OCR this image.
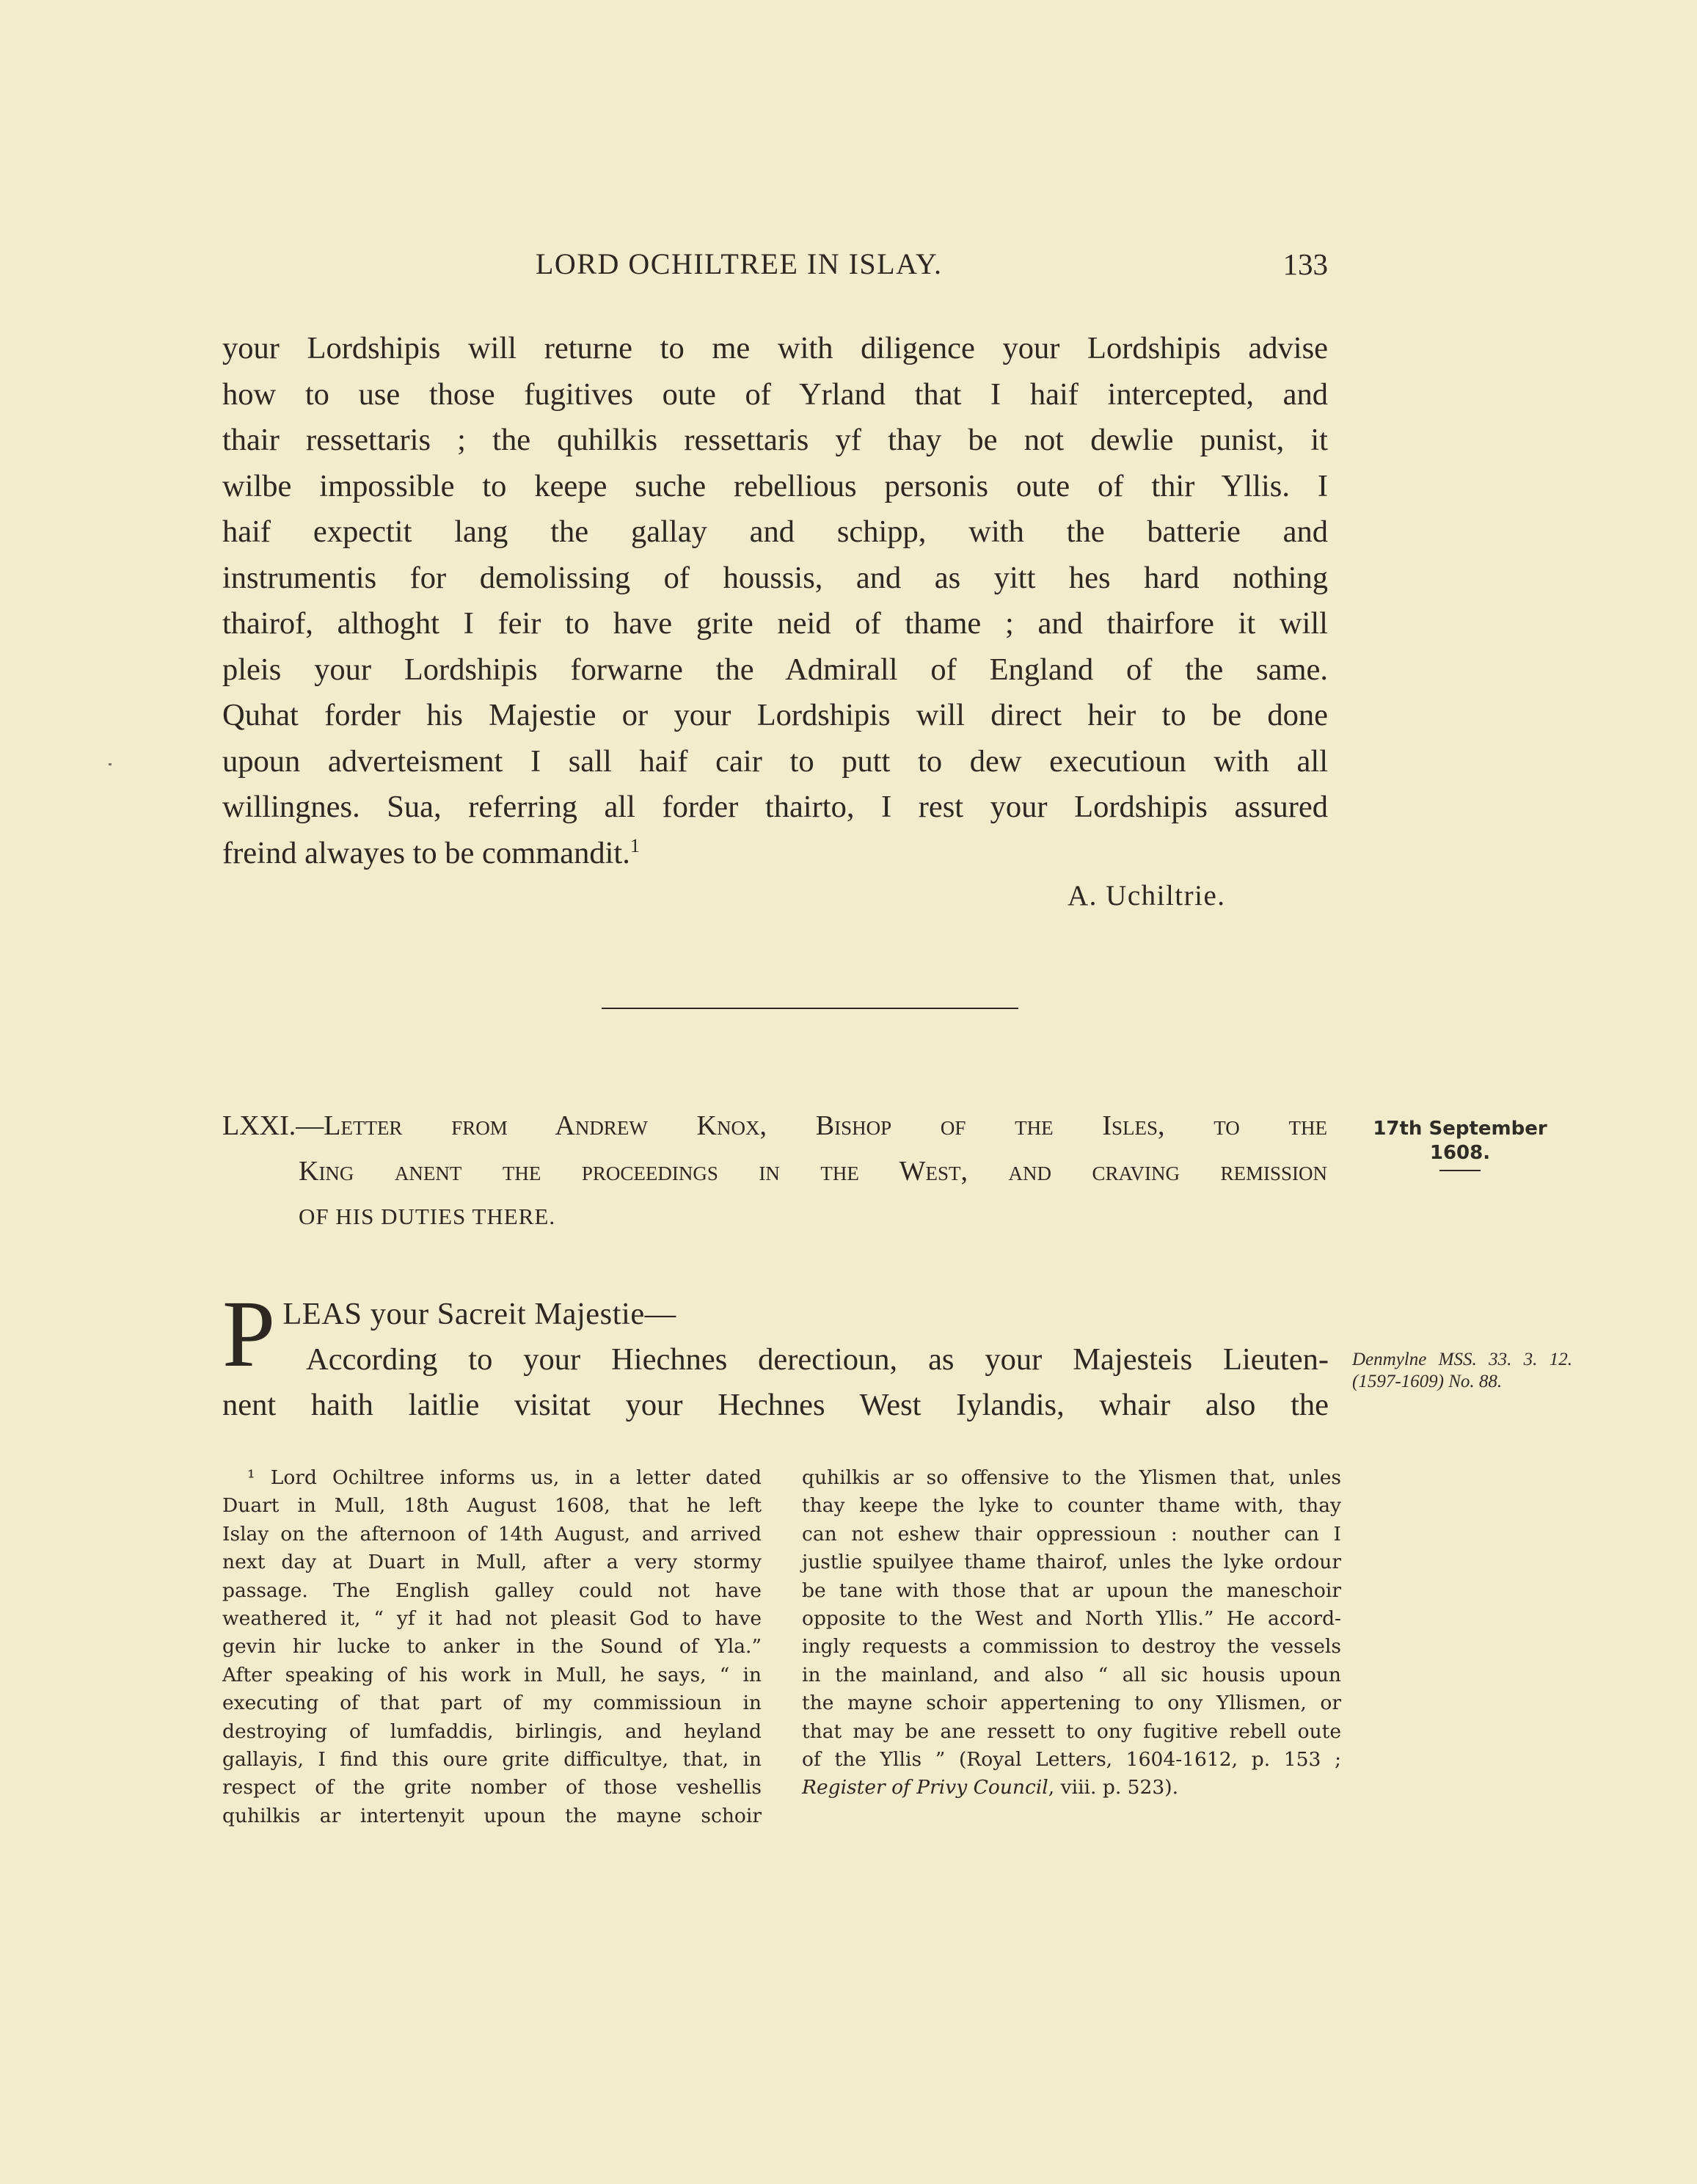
LORD OCHILTREE IN ISLAY.	133

your Lordshipis will returne to me with diligence your Lordshipis advise

how to use those fugitives oute of Yrland that I haif intercepted, and

thair ressettaris ; the quhilkis ressettaris yf thay be not dewlie punist, it

wilbe impossible to keepe suche rebellious personis oute of thir Yllis. I

haif expectit lang the gallay and schipp, with the batterie and

instrumentis for demolissing of houssis, and as yitt hes hard nothing

thairof, althoght I feir to have grite neid of thame ; and thairfore it will

pleis your Lordshipis forwarne the Admirall of England of the same.

Quhat forder his Majestie or your Lordshipis will direct heir to be done

upoun adverteisment I sall haif cair to putt to dew executioun with all

willingnes. Sua, referring all forder thairto, I rest your Lordshipis assured

freind alwayes to be commandit.$^1$

A. Uchiltrie.

LXXI.—Letter from Andrew Knox, Bishop of the Isles, to the

King anent the proceedings in the West, and craving remission

OF HIS DUTIES THERE.

17th September
1608.
P LEAS your Sacreit Majestie—

According to your Hiechnes derectioun, as your Majesteis Lieuten-

nent haith laitlie visitat your Hechnes West Iylandis, whair also the

Denmylne MSS. 33. 3. 12. (1597-1609) No. 88.
¹ Lord Ochiltree informs us, in a letter dated
Duart in Mull, 18th August 1608, that he left
Islay on the afternoon of 14th August, and arrived
next day at Duart in Mull, after a very stormy
passage. The English galley could not have
weathered it, “ yf it had not pleasit God to have
gevin hir lucke to anker in the Sound of Yla.”
After speaking of his work in Mull, he says, “ in
executing of that part of my commissioun in
destroying of lumfaddis, birlingis, and heyland
gallayis, I find this oure grite difficultye, that, in
respect of the grite nomber of those veshellis
quhilkis ar intertenyit upoun the mayne schoir
quhilkis ar so offensive to the Ylismen that, unles
thay keepe the lyke to counter thame with, thay
can not eshew thair oppressioun : nouther can I
justlie spuilyee thame thairof, unles the lyke ordour
be tane with those that ar upoun the maneschoir
opposite to the West and North Yllis.” He accord-
ingly requests a commission to destroy the vessels
in the mainland, and also “ all sic housis upoun
the mayne schoir appertening to ony Yllismen, or
that may be ane ressett to ony fugitive rebell oute
of the Yllis ” (Royal Letters, 1604-1612, p. 153 ;
Register of Privy Council, viii. p. 523).
